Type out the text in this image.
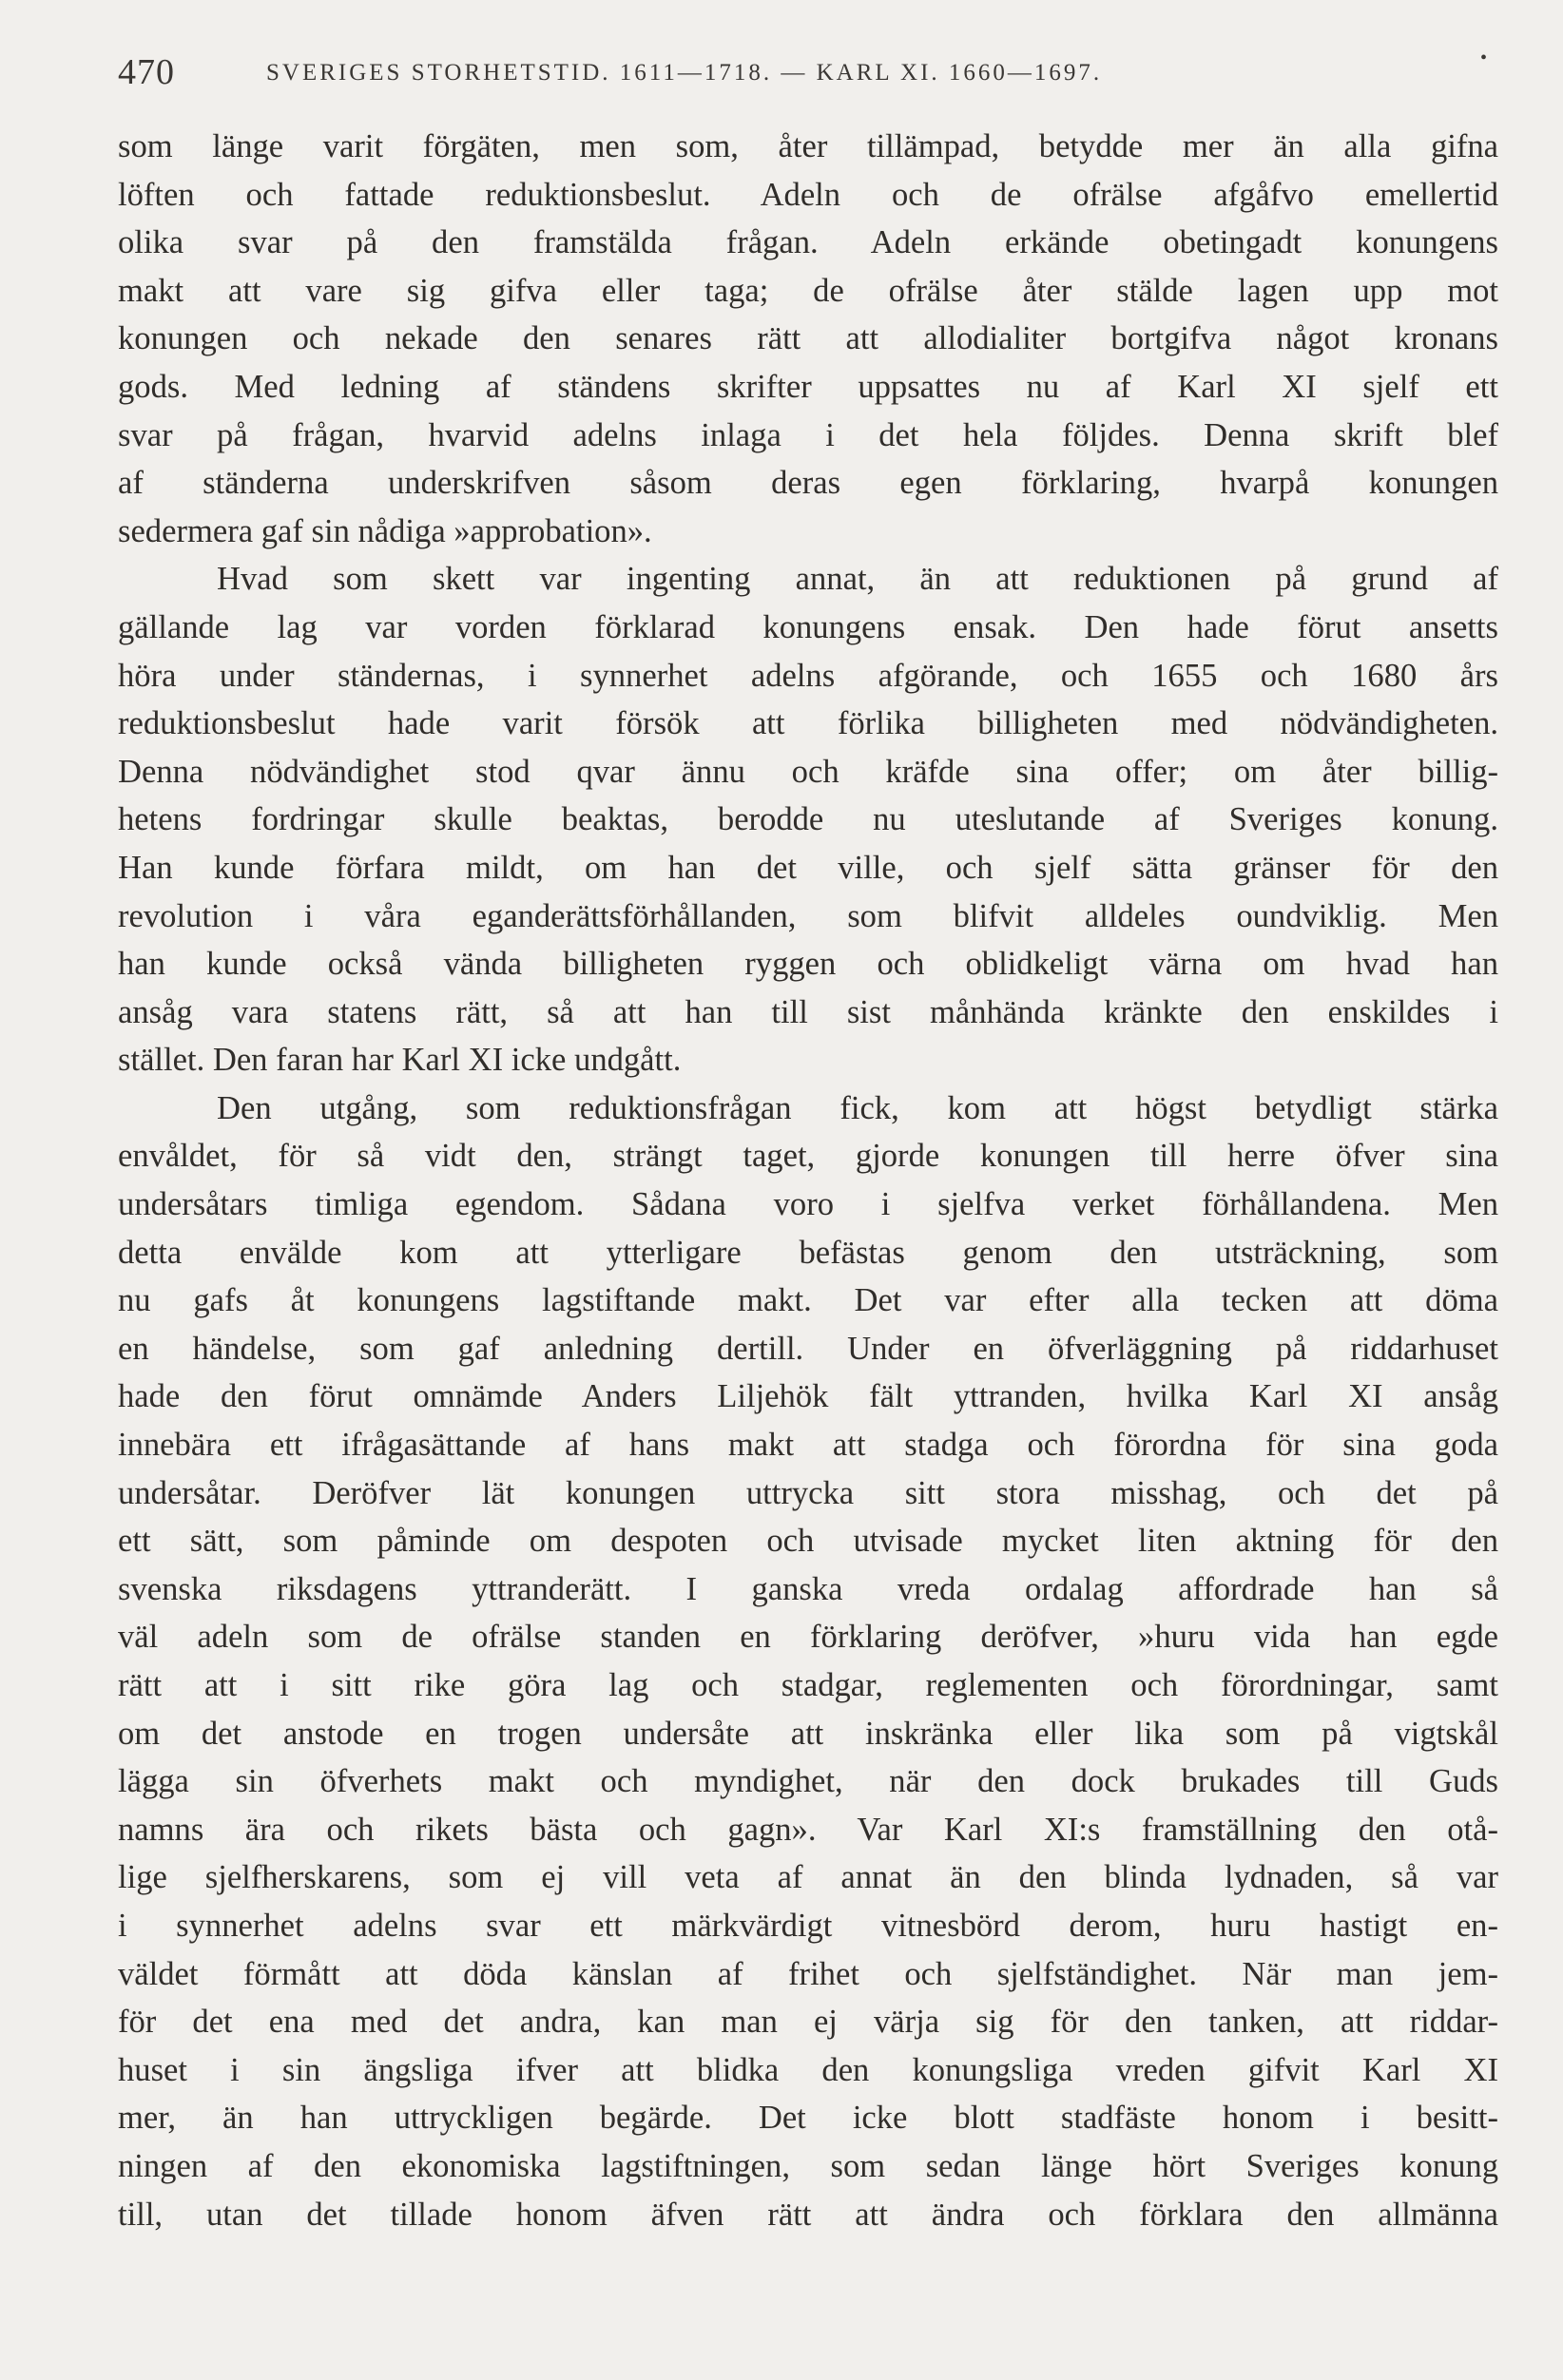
470	SVERIGES STORHETSTID. 1611—1718. — KARL XI. 1660—1697.
•
som länge varit förgäten, men som, åter tillämpad, betydde mer än alla gifna
löften och fattade reduktionsbeslut. Adeln och de ofrälse afgåfvo emellertid
olika svar på den framstälda frågan. Adeln erkände obetingadt konungens
makt att vare sig gifva eller taga; de ofrälse åter stälde lagen upp mot
konungen och nekade den senares rätt att allodialiter bortgifva något kronans
gods. Med ledning af ständens skrifter uppsattes nu af Karl XI sjelf ett
svar på frågan, hvarvid adelns inlaga i det hela följdes. Denna skrift blef
af ständerna underskrifven såsom deras egen förklaring, hvarpå konungen
sedermera gaf sin nådiga »approbation».
Hvad som skett var ingenting annat, än att reduktionen på grund af
gällande lag var vorden förklarad konungens ensak. Den hade förut ansetts
höra under ständernas, i synnerhet adelns afgörande, och 1655 och 1680 års
reduktionsbeslut hade varit försök att förlika billigheten med nödvändigheten.
Denna nödvändighet stod qvar ännu och kräfde sina offer; om åter billig-
hetens fordringar skulle beaktas, berodde nu uteslutande af Sveriges konung.
Han kunde förfara mildt, om han det ville, och sjelf sätta gränser för den
revolution i våra eganderättsförhållanden, som blifvit alldeles oundviklig. Men
han kunde också vända billigheten ryggen och oblidkeligt värna om hvad han
ansåg vara statens rätt, så att han till sist månhända kränkte den enskildes i
stället. Den faran har Karl XI icke undgått.
Den utgång, som reduktionsfrågan fick, kom att högst betydligt stärka
envåldet, för så vidt den, strängt taget, gjorde konungen till herre öfver sina
undersåtars timliga egendom. Sådana voro i sjelfva verket förhållandena. Men
detta envälde kom att ytterligare befästas genom den utsträckning, som
nu gafs åt konungens lagstiftande makt. Det var efter alla tecken att döma
en händelse, som gaf anledning dertill. Under en öfverläggning på riddarhuset
hade den förut omnämde Anders Liljehök fält yttranden, hvilka Karl XI ansåg
innebära ett ifrågasättande af hans makt att stadga och förordna för sina goda
undersåtar. Deröfver lät konungen uttrycka sitt stora misshag, och det på
ett sätt, som påminde om despoten och utvisade mycket liten aktning för den
svenska riksdagens yttranderätt. I ganska vreda ordalag affordrade han så
väl adeln som de ofrälse standen en förklaring deröfver, »huru vida han egde
rätt att i sitt rike göra lag och stadgar, reglementen och förordningar, samt
om det anstode en trogen undersåte att inskränka eller lika som på vigtskål
lägga sin öfverhets makt och myndighet, när den dock brukades till Guds
namns ära och rikets bästa och gagn». Var Karl XI:s framställning den otå-
lige sjelfherskarens, som ej vill veta af annat än den blinda lydnaden, så var
i synnerhet adelns svar ett märkvärdigt vitnesbörd derom, huru hastigt en-
väldet förmått att döda känslan af frihet och sjelfständighet. När man jem-
för det ena med det andra, kan man ej värja sig för den tanken, att riddar-
huset i sin ängsliga ifver att blidka den konungsliga vreden gifvit Karl XI
mer, än han uttryckligen begärde. Det icke blott stadfäste honom i besitt-
ningen af den ekonomiska lagstiftningen, som sedan länge hört Sveriges konung
till, utan det tillade honom äfven rätt att ändra och förklara den allmänna
